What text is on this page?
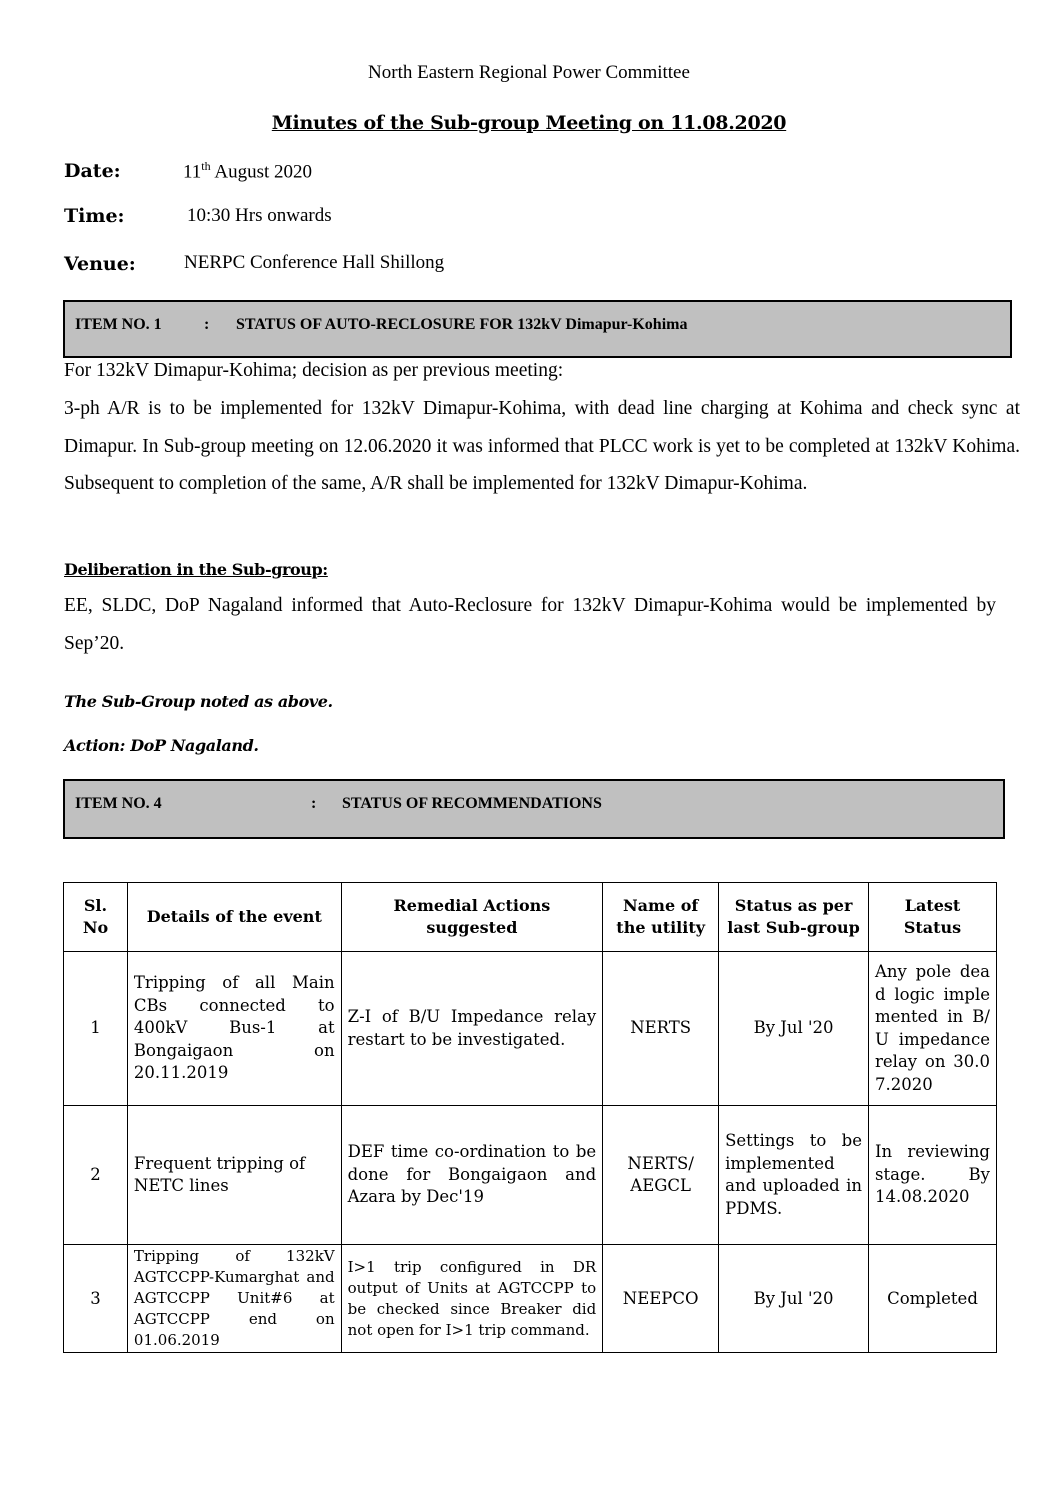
North Eastern Regional Power Committee
Minutes of the Sub-group Meeting on 11.08.2020
Date:	11th August 2020
Time:	10:30 Hrs onwards
Venue:	NERPC Conference Hall Shillong
ITEM NO. 1	: STATUS OF AUTO-RECLOSURE FOR 132kV Dimapur-Kohima
For 132kV Dimapur-Kohima; decision as per previous meeting:
3-ph A/R is to be implemented for 132kV Dimapur-Kohima, with dead line charging at Kohima and check sync at Dimapur. In Sub-group meeting on 12.06.2020 it was informed that PLCC work is yet to be completed at 132kV Kohima. Subsequent to completion of the same, A/R shall be implemented for 132kV Dimapur-Kohima.
Deliberation in the Sub-group:
EE, SLDC, DoP Nagaland informed that Auto-Reclosure for 132kV Dimapur-Kohima would be implemented by Sep’20.
The Sub-Group noted as above.
Action: DoP Nagaland.
ITEM NO. 4	: STATUS OF RECOMMENDATIONS
Sl. No	Details of the event	Remedial Actions suggested	Name of the utility	Status as per last Sub-group	Latest Status
1	Tripping of all Main CBs connected to 400kV Bus-1 at Bongaigaon on 20.11.2019	Z-I of B/U Impedance relay restart to be investigated.	NERTS	By Jul '20	Any pole dead logic implemented in B/U impedance relay on 30.07.2020
2	Frequent tripping of NETC lines	DEF time co-ordination to be done for Bongaigaon and Azara by Dec'19	NERTS/ AEGCL	Settings to be implemented and uploaded in PDMS.	In reviewing stage. By 14.08.2020
3	Tripping of 132kV AGTCCPP-Kumarghat and AGTCCPP Unit#6 at AGTCCPP end on 01.06.2019	I>1 trip configured in DR output of Units at AGTCCPP to be checked since Breaker did not open for I>1 trip command.	NEEPCO	By Jul '20	Completed
